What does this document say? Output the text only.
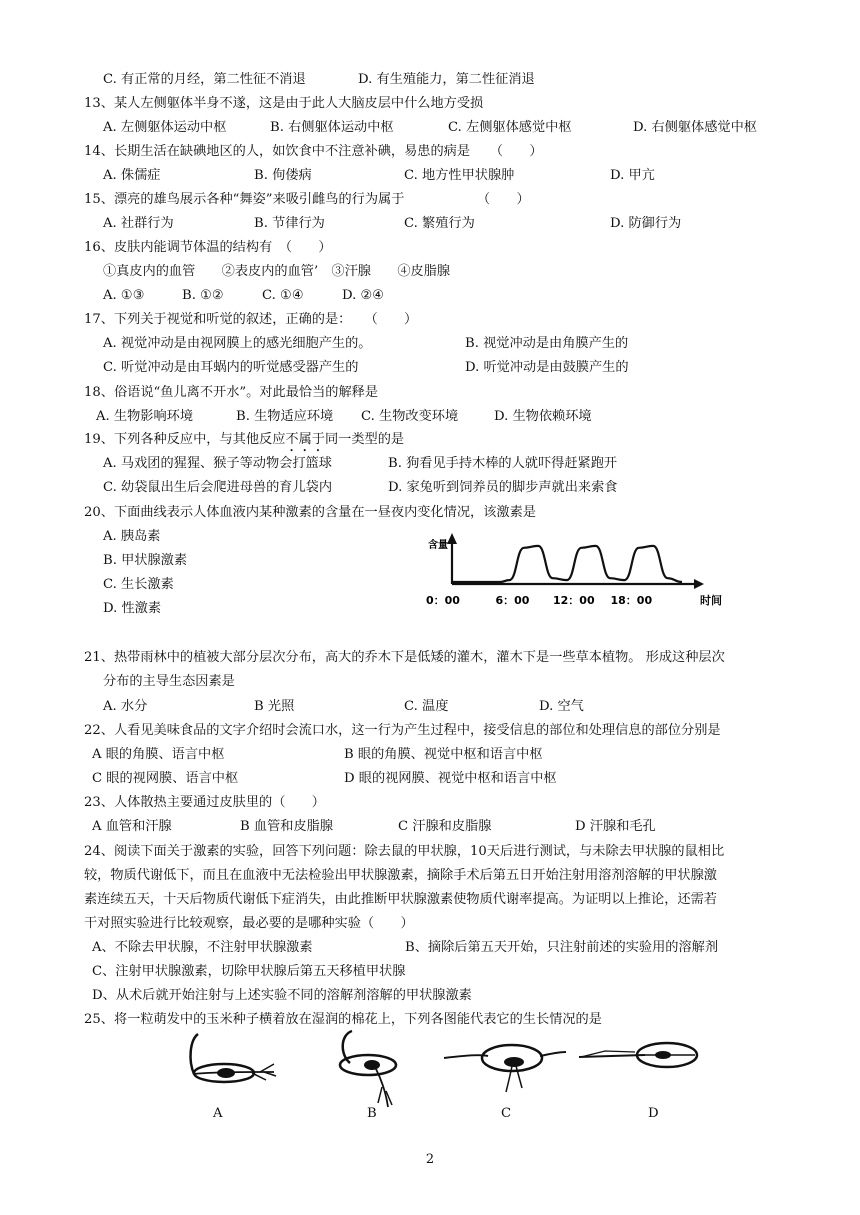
C. 有正常的月经，第二性征不消退	D. 有生殖能力，第二性征消退
13、某人左侧躯体半身不遂，这是由于此人大脑皮层中什么地方受损
A. 左侧躯体运动中枢	B. 右侧躯体运动中枢	C. 左侧躯体感觉中枢	D. 右侧躯体感觉中枢
14、长期生活在缺碘地区的人，如饮食中不注意补碘，易患的病是　　（　　）
A. 侏儒症	B. 佝偻病	C. 地方性甲状腺肿	D. 甲亢
15、漂亮的雄鸟展示各种“舞姿”来吸引雌鸟的行为属于　　　　　　（　　）
A. 社群行为	B. 节律行为	C. 繁殖行为	D. 防御行为
16、皮肤内能调节体温的结构有　（　　）
①真皮内的血管　　②表皮内的血管’　③汗腺　　④皮脂腺
A. ①③	B. ①②	C. ①④	D. ②④
17、下列关于视觉和听觉的叙述，正确的是：　　（　　）
A. 视觉冲动是由视网膜上的感光细胞产生的。	B. 视觉冲动是由角膜产生的
C. 听觉冲动是由耳蜗内的听觉感受器产生的	D. 听觉冲动是由鼓膜产生的
18、俗语说“鱼儿离不开水”。对此最恰当的解释是
A. 生物影响环境	B. 生物适应环境 C. 生物改变环境	D. 生物依赖环境
19、下列各种反应中，与其他反应不属于同一类型的是
A. 马戏团的猩猩、猴子等动物会打篮球	B. 狗看见手持木棒的人就吓得赶紧跑开
C. 幼袋鼠出生后会爬进母兽的育儿袋内	D. 家兔听到饲养员的脚步声就出来索食
20、下面曲线表示人体血液内某种激素的含量在一昼夜内变化情况，该激素是
A. 胰岛素
B. 甲状腺激素
C. 生长激素
D. 性激素
含量
0：00	6：00 12：00 18：00	时间
21、热带雨林中的植被大部分层次分布，高大的乔木下是低矮的灌木，灌木下是一些草本植物。 形成这种层次
分布的主导生态因素是
A. 水分	B 光照	C. 温度	D. 空气
22、人看见美味食品的文字介绍时会流口水，这一行为产生过程中，接受信息的部位和处理信息的部位分别是
A 眼的角膜、语言中枢	B 眼的角膜、视觉中枢和语言中枢
C 眼的视网膜、语言中枢	D 眼的视网膜、视觉中枢和语言中枢
23、人体散热主要通过皮肤里的（　　）
A 血管和汗腺	B 血管和皮脂腺	C 汗腺和皮脂腺	D 汗腺和毛孔
24、阅读下面关于激素的实验，回答下列问题：除去鼠的甲状腺，10天后进行测试，与未除去甲状腺的鼠相比
较，物质代谢低下，而且在血液中无法检验出甲状腺激素，摘除手术后第五日开始注射用溶剂溶解的甲状腺激
素连续五天，十天后物质代谢低下症消失，由此推断甲状腺激素使物质代谢率提高。为证明以上推论，还需若
干对照实验进行比较观察，最必要的是哪种实验（　　）
A、不除去甲状腺，不注射甲状腺激素	B、摘除后第五天开始，只注射前述的实验用的溶解剂
C、注射甲状腺激素，切除甲状腺后第五天移植甲状腺
D、从术后就开始注射与上述实验不同的溶解剂溶解的甲状腺激素
25、将一粒萌发中的玉米种子横着放在湿润的棉花上，下列各图能代表它的生长情况的是
A	B	C	D
2
